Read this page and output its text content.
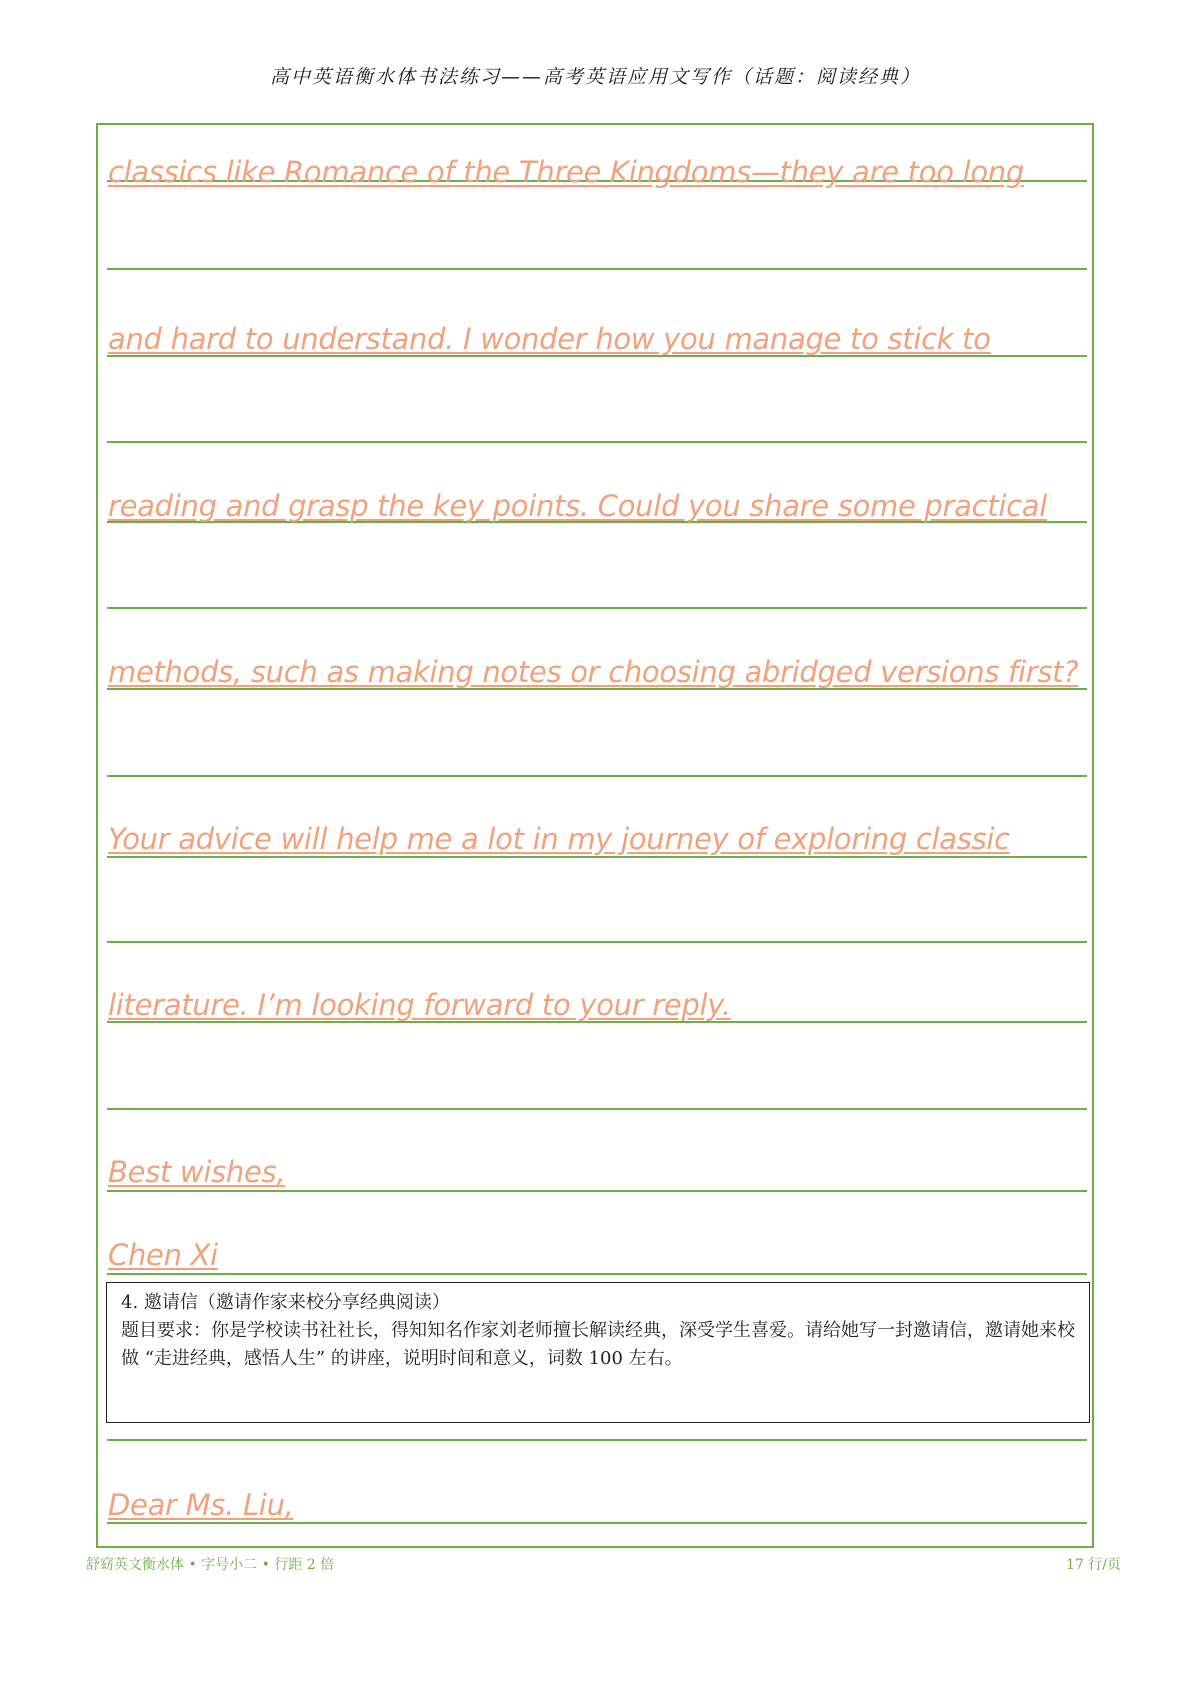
高中英语衡水体书法练习——高考英语应用文写作（话题：阅读经典）
classics like Romance of the Three Kingdoms—they are too long
and hard to understand. I wonder how you manage to stick to
reading and grasp the key points. Could you share some practical
methods, such as making notes or choosing abridged versions first?
Your advice will help me a lot in my journey of exploring classic
literature. I’m looking forward to your reply.
Best wishes,
Chen Xi
4. 邀请信（邀请作家来校分享经典阅读）
题目要求：你是学校读书社社长，得知知名作家刘老师擅长解读经典，深受学生喜爱。请给她写一封邀请信，邀请她来校做 “走进经典，感悟人生” 的讲座，说明时间和意义，词数 100 左右。
Dear Ms. Liu,
舒窈英文衡水体 • 字号小二 • 行距 2 倍	17 行/页
